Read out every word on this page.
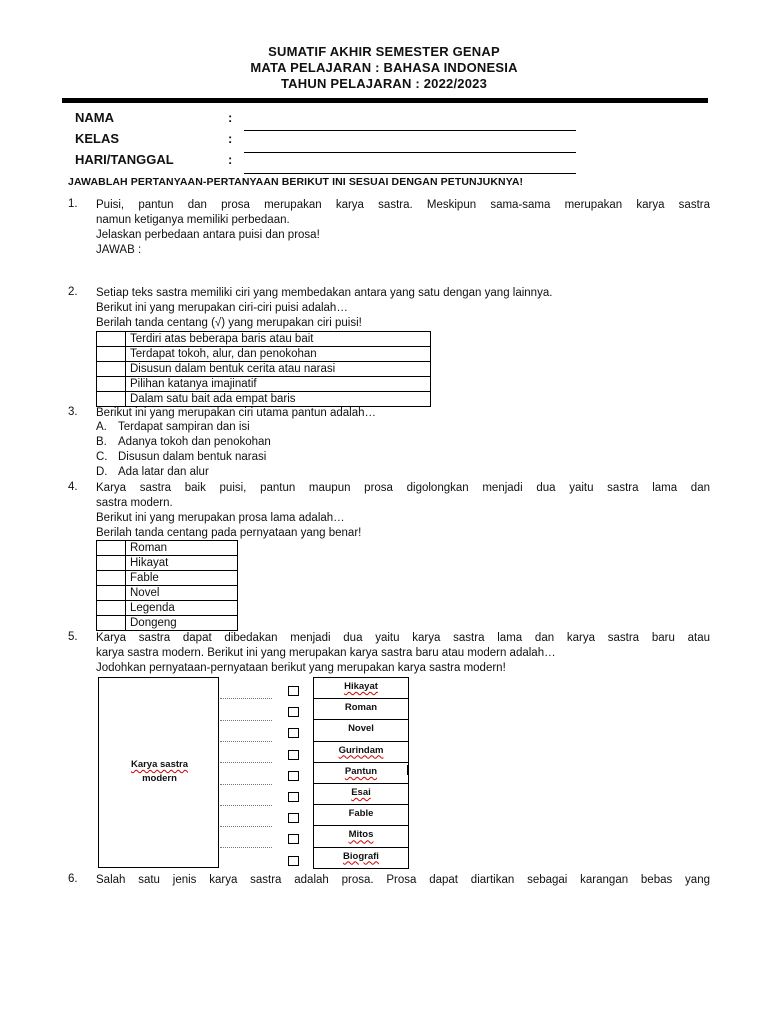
SUMATIF AKHIR SEMESTER GENAP
MATA PELAJARAN : BAHASA INDONESIA
TAHUN PELAJARAN : 2022/2023
NAMA	:
KELAS	:
HARI/TANGGAL	:
JAWABLAH PERTANYAAN-PERTANYAAN BERIKUT INI SESUAI DENGAN PETUNJUKNYA!
1. Puisi, pantun dan prosa merupakan karya sastra. Meskipun sama-sama merupakan karya sastra
namun ketiganya memiliki perbedaan.
Jelaskan perbedaan antara puisi dan prosa!
JAWAB :
2. Setiap teks sastra memiliki ciri yang membedakan antara yang satu dengan yang lainnya.
Berikut ini yang merupakan ciri-ciri puisi adalah…
Berilah tanda centang (√) yang merupakan ciri puisi!
	Terdiri atas beberapa baris atau bait
	Terdapat tokoh, alur, dan penokohan
	Disusun dalam bentuk cerita atau narasi
	Pilihan katanya imajinatif
	Dalam satu bait ada empat baris
3. Berikut ini yang merupakan ciri utama pantun adalah…
A. Terdapat sampiran dan isi
B. Adanya tokoh dan penokohan
C. Disusun dalam bentuk narasi
D. Ada latar dan alur
4. Karya sastra baik puisi, pantun maupun prosa digolongkan menjadi dua yaitu sastra lama dan
sastra modern.
Berikut ini yang merupakan prosa lama adalah…
Berilah tanda centang pada pernyataan yang benar!
	Roman
	Hikayat
	Fable
	Novel
	Legenda
	Dongeng
5. Karya sastra dapat dibedakan menjadi dua yaitu karya sastra lama dan karya sastra baru atau
karya sastra modern. Berikut ini yang merupakan karya sastra baru atau modern adalah…
Jodohkan pernyataan-pernyataan berikut yang merupakan karya sastra modern!
Karya sastra
modern
Hikayat
Roman
Novel
Gurindam
Pantun
Esai
Fable
Mitos
Biografi
6. Salah satu jenis karya sastra adalah prosa. Prosa dapat diartikan sebagai karangan bebas yang
